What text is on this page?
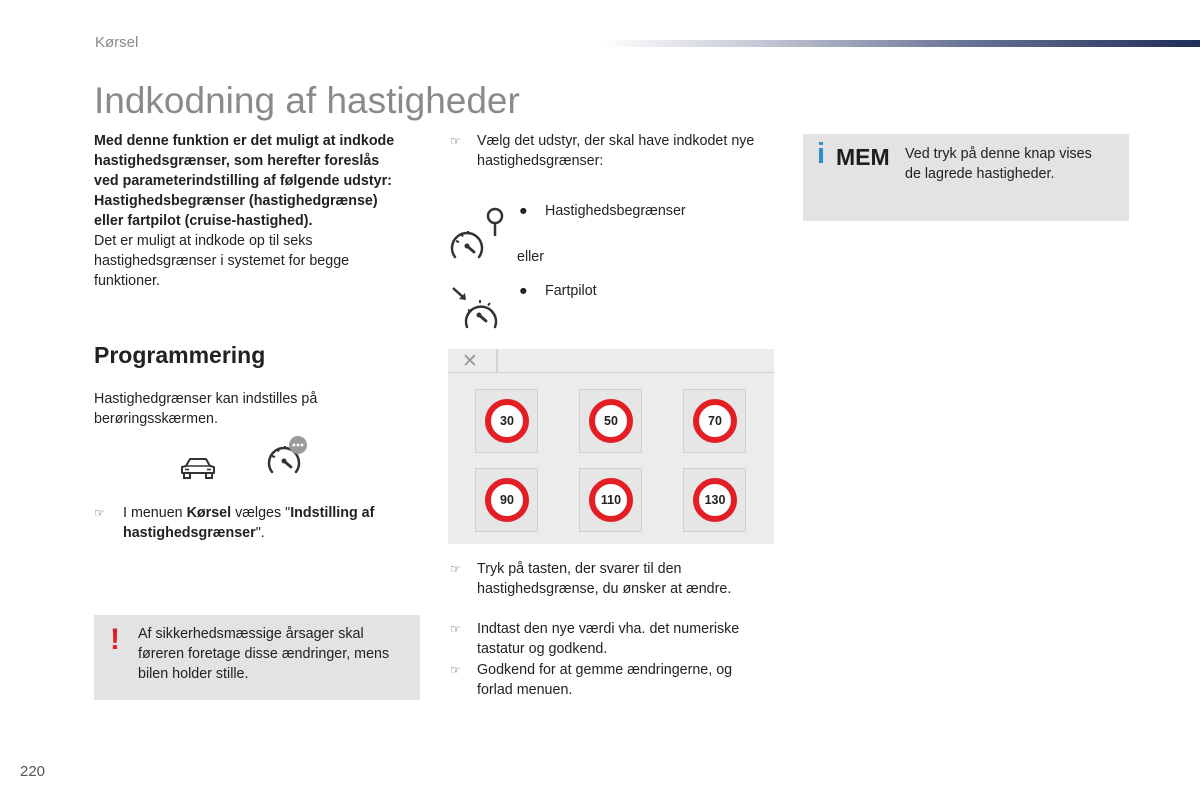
Kørsel
Indkodning af hastigheder
Med denne funktion er det muligt at indkode
hastighedsgrænser, som herefter foreslås
ved parameterindstilling af følgende udstyr:
Hastighedsbegrænser (hastighedgrænse)
eller fartpilot (cruise-hastighed).
Det er muligt at indkode op til seks
hastighedsgrænser i systemet for begge
funktioner.
Programmering
Hastighedgrænser kan indstilles på
berøringsskærmen.
☞	I menuen Kørsel vælges "Indstilling af
hastighedsgrænser".
! Af sikkerhedsmæssige årsager skal
føreren foretage disse ændringer, mens
bilen holder stille.
☞ Vælg det udstyr, der skal have indkodet nye
hastighedsgrænser:
● Hastighedsbegrænser
eller
● Fartpilot
✕
30	50	70
90	110	130
☞ Tryk på tasten, der svarer til den
hastighedsgrænse, du ønsker at ændre.
☞ Indtast den nye værdi vha. det numeriske
tastatur og godkend.
☞ Godkend for at gemme ændringerne, og
forlad menuen.
i MEM Ved tryk på denne knap vises
de lagrede hastigheder.
220
